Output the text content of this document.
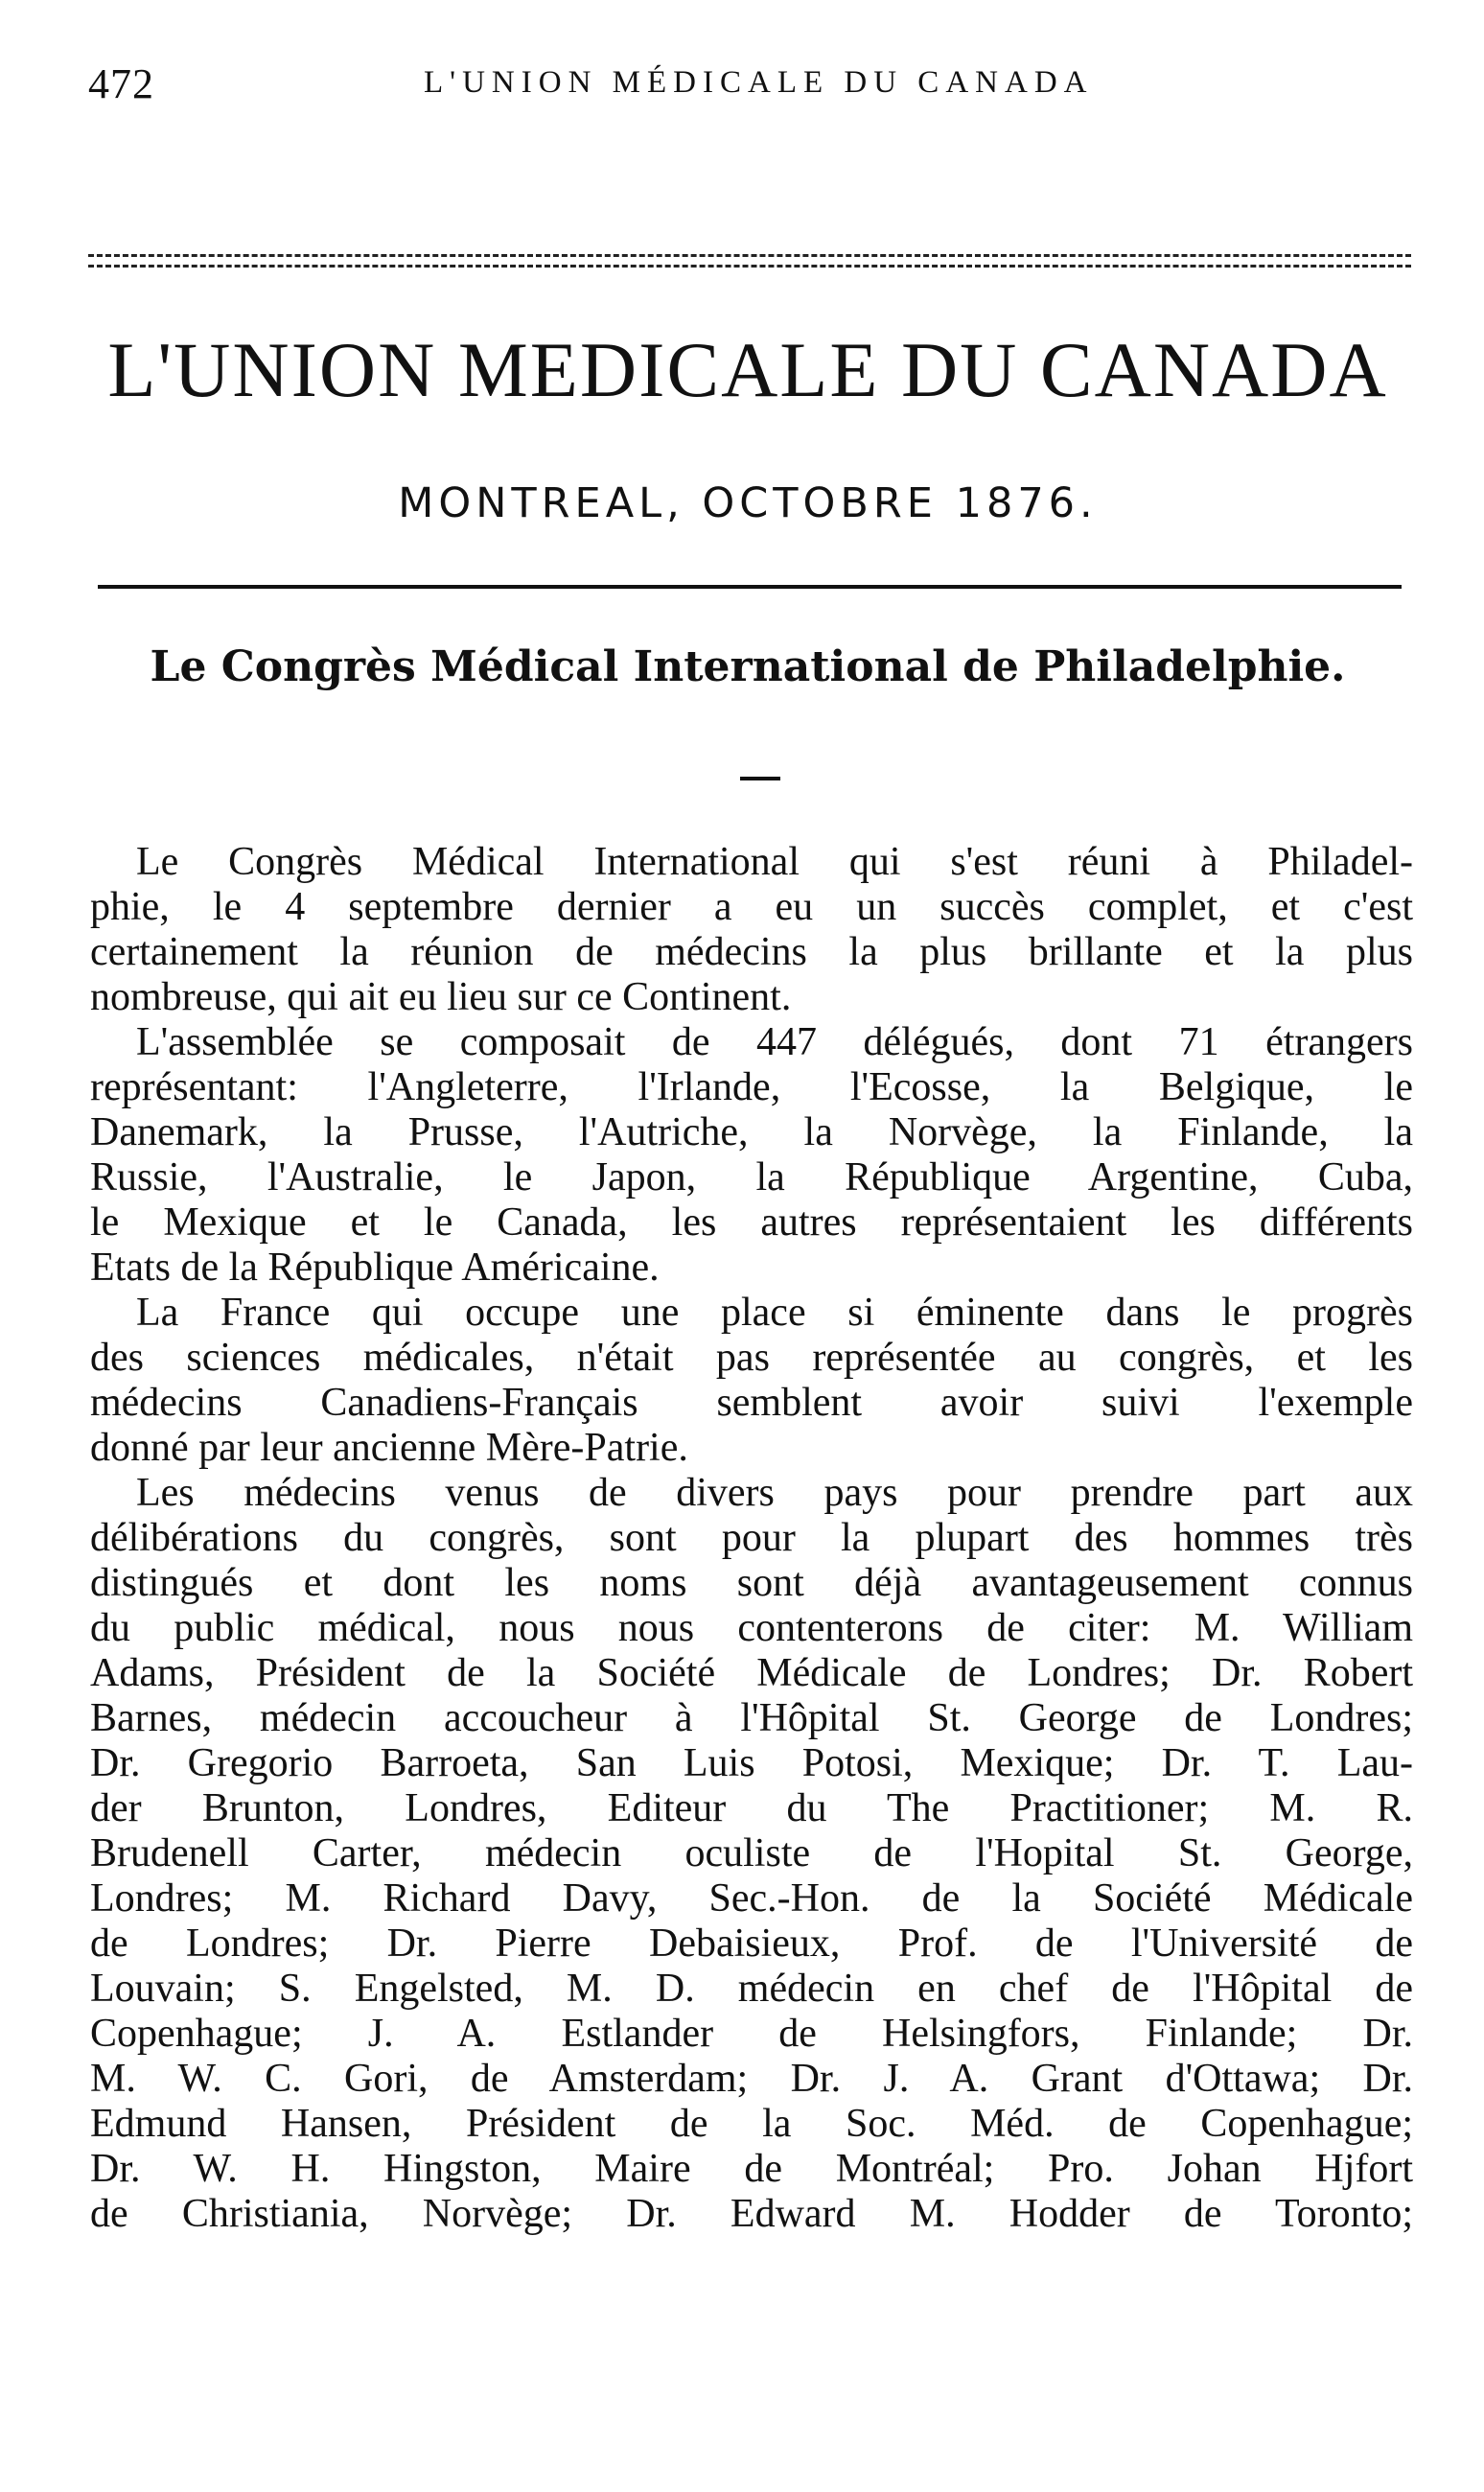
472	L'UNION MÉDICALE DU CANADA
L'UNION MEDICALE DU CANADA
MONTREAL, OCTOBRE 1876.
Le Congrès Médical International de Philadelphie.
Le Congrès Médical International qui s'est réuni à Philadel-
phie, le 4 septembre dernier a eu un succès complet, et c'est
certainement la réunion de médecins la plus brillante et la plus
nombreuse, qui ait eu lieu sur ce Continent.
L'assemblée se composait de 447 délégués, dont 71 étrangers
représentant: l'Angleterre, l'Irlande, l'Ecosse, la Belgique, le
Danemark, la Prusse, l'Autriche, la Norvège, la Finlande, la
Russie, l'Australie, le Japon, la République Argentine, Cuba,
le Mexique et le Canada, les autres représentaient les différents
Etats de la République Américaine.
La France qui occupe une place si éminente dans le progrès
des sciences médicales, n'était pas représentée au congrès, et les
médecins Canadiens-Français semblent avoir suivi l'exemple
donné par leur ancienne Mère-Patrie.
Les médecins venus de divers pays pour prendre part aux
délibérations du congrès, sont pour la plupart des hommes très
distingués et dont les noms sont déjà avantageusement connus
du public médical, nous nous contenterons de citer: M. William
Adams, Président de la Société Médicale de Londres; Dr. Robert
Barnes, médecin accoucheur à l'Hôpital St. George de Londres;
Dr. Gregorio Barroeta, San Luis Potosi, Mexique; Dr. T. Lau-
der Brunton, Londres, Editeur du The Practitioner; M. R.
Brudenell Carter, médecin oculiste de l'Hopital St. George,
Londres; M. Richard Davy, Sec.-Hon. de la Société Médicale
de Londres; Dr. Pierre Debaisieux, Prof. de l'Université de
Louvain; S. Engelsted, M. D. médecin en chef de l'Hôpital de
Copenhague; J. A. Estlander de Helsingfors, Finlande; Dr.
M. W. C. Gori, de Amsterdam; Dr. J. A. Grant d'Ottawa; Dr.
Edmund Hansen, Président de la Soc. Méd. de Copenhague;
Dr. W. H. Hingston, Maire de Montréal; Pro. Johan Hjfort
de Christiania, Norvège; Dr. Edward M. Hodder de Toronto;
